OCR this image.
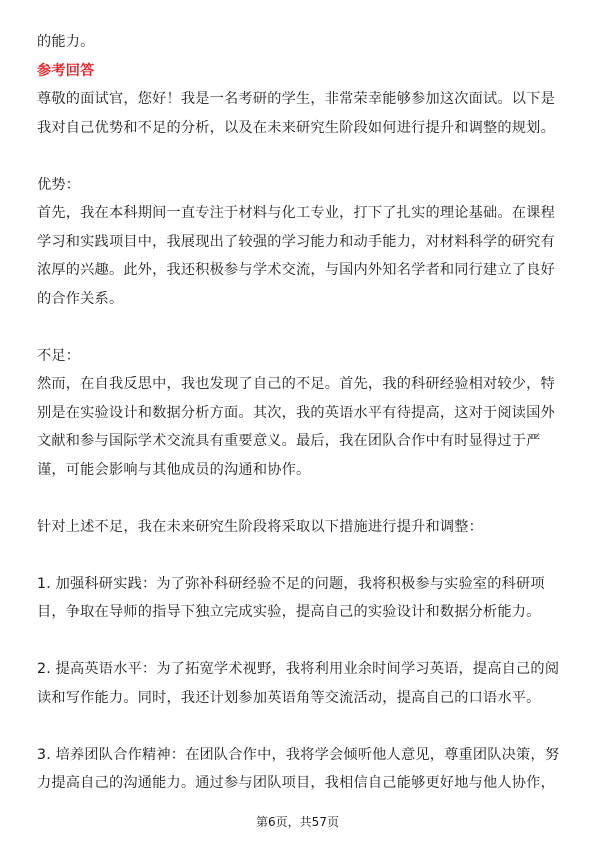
的能力。
参考回答
尊敬的面试官，您好！我是一名考研的学生，非常荣幸能够参加这次面试。以下是
我对自己优势和不足的分析，以及在未来研究生阶段如何进行提升和调整的规划。
优势：
首先，我在本科期间一直专注于材料与化工专业，打下了扎实的理论基础。在课程
学习和实践项目中，我展现出了较强的学习能力和动手能力，对材料科学的研究有
浓厚的兴趣。此外，我还积极参与学术交流，与国内外知名学者和同行建立了良好
的合作关系。
不足：
然而，在自我反思中，我也发现了自己的不足。首先，我的科研经验相对较少，特
别是在实验设计和数据分析方面。其次，我的英语水平有待提高，这对于阅读国外
文献和参与国际学术交流具有重要意义。最后，我在团队合作中有时显得过于严
谨，可能会影响与其他成员的沟通和协作。
针对上述不足，我在未来研究生阶段将采取以下措施进行提升和调整：
1. 加强科研实践：为了弥补科研经验不足的问题，我将积极参与实验室的科研项
目，争取在导师的指导下独立完成实验，提高自己的实验设计和数据分析能力。
2. 提高英语水平：为了拓宽学术视野，我将利用业余时间学习英语，提高自己的阅
读和写作能力。同时，我还计划参加英语角等交流活动，提高自己的口语水平。
3. 培养团队合作精神：在团队合作中，我将学会倾听他人意见，尊重团队决策，努
力提高自己的沟通能力。通过参与团队项目，我相信自己能够更好地与他人协作，
第6页，共57页
